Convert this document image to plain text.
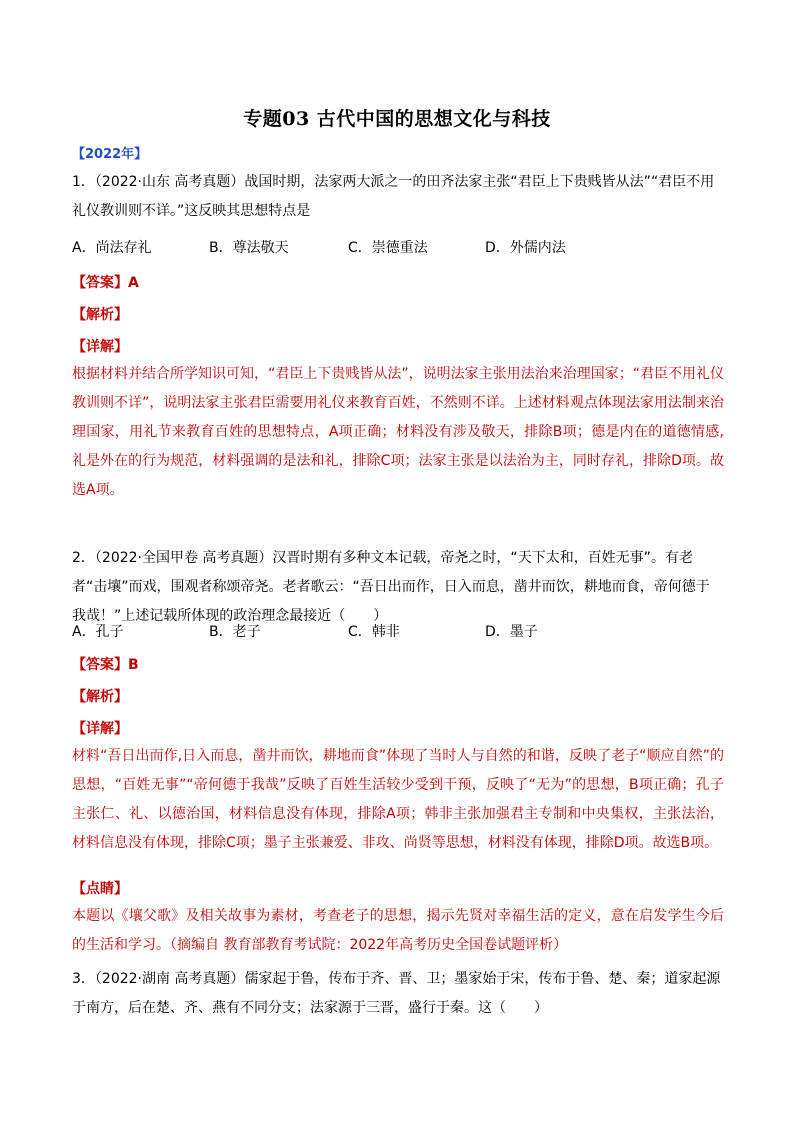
专题03 古代中国的思想文化与科技
【2022年】

1．（2022·山东 高考真题）战国时期，法家两大派之一的田齐法家主张“君臣上下贵贱皆从法”“君臣不用礼仪教训则不详。”这反映其思想特点是

A．尚法存礼	B．尊法敬天	C．崇德重法	D．外儒内法
【答案】A
【解析】
【详解】

根据材料并结合所学知识可知，“君臣上下贵贱皆从法”，说明法家主张用法治来治理国家；“君臣不用礼仪教训则不详”，说明法家主张君臣需要用礼仪来教育百姓，不然则不详。上述材料观点体现法家用法制来治理国家，用礼节来教育百姓的思想特点，A项正确；材料没有涉及敬天，排除B项；德是内在的道德情感,礼是外在的行为规范，材料强调的是法和礼，排除C项；法家主张是以法治为主，同时存礼，排除D项。故选A项。

2．（2022·全国甲卷 高考真题）汉晋时期有多种文本记载，帝尧之时，“天下太和，百姓无事”。有老者“击壤”而戏，围观者称颂帝尧。老者歌云：“吾日出而作，日入而息，凿井而饮，耕地而食，帝何德于我哉！”上述记载所体现的政治理念最接近（　　）

A．孔子	B．老子	C．韩非	D．墨子
【答案】B
【解析】
【详解】

材料“吾日出而作,日入而息，凿井而饮，耕地而食”体现了当时人与自然的和谐，反映了老子“顺应自然”的思想，“百姓无事”“帝何德于我哉”反映了百姓生活较少受到干预，反映了“无为”的思想，B项正确；孔子主张仁、礼、以德治国，材料信息没有体现，排除A项；韩非主张加强君主专制和中央集权，主张法治，材料信息没有体现，排除C项；墨子主张兼爱、非攻、尚贤等思想，材料没有体现，排除D项。故选B项。

【点睛】

本题以《壤父歌》及相关故事为素材，考查老子的思想，揭示先贤对幸福生活的定义，意在启发学生今后的生活和学习。（摘编自 教育部教育考试院：2022年高考历史全国卷试题评析）

3．（2022·湖南 高考真题）儒家起于鲁，传布于齐、晋、卫；墨家始于宋，传布于鲁、楚、秦；道家起源于南方，后在楚、齐、燕有不同分支；法家源于三晋，盛行于秦。这（　　）
